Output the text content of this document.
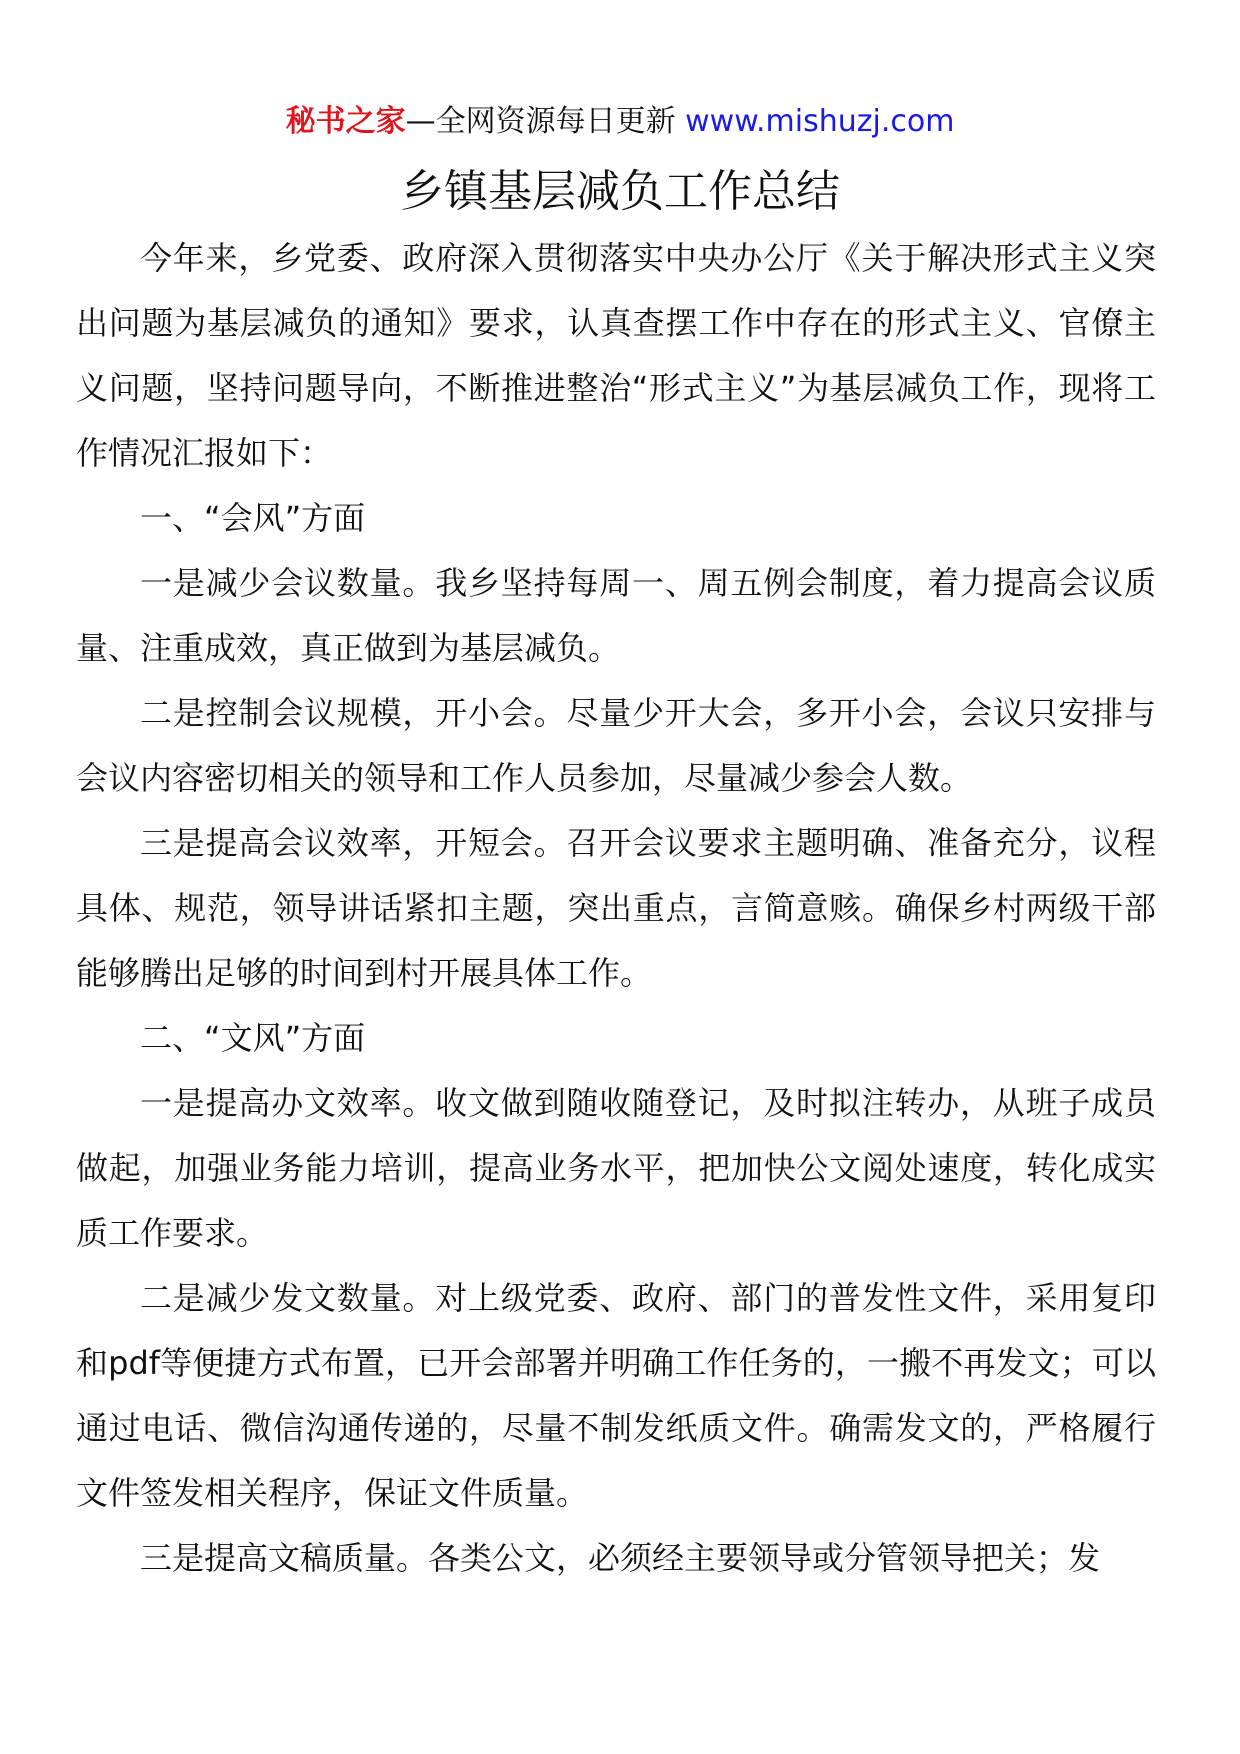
秘书之家—全网资源每日更新 www.mishuzj.com
乡镇基层减负工作总结

今年来，乡党委、政府深入贯彻落实中央办公厅《关于解决形式主义突出问题为基层减负的通知》要求，认真查摆工作中存在的形式主义、官僚主义问题，坚持问题导向，不断推进整治“形式主义”为基层减负工作，现将工作情况汇报如下：

一、“会风”方面

一是减少会议数量。我乡坚持每周一、周五例会制度，着力提高会议质量、注重成效，真正做到为基层减负。

二是控制会议规模，开小会。尽量少开大会，多开小会，会议只安排与会议内容密切相关的领导和工作人员参加，尽量减少参会人数。

三是提高会议效率，开短会。召开会议要求主题明确、准备充分，议程具体、规范，领导讲话紧扣主题，突出重点，言简意赅。确保乡村两级干部能够腾出足够的时间到村开展具体工作。

二、“文风”方面

一是提高办文效率。收文做到随收随登记，及时拟注转办，从班子成员做起，加强业务能力培训，提高业务水平，把加快公文阅处速度，转化成实质工作要求。

二是减少发文数量。对上级党委、政府、部门的普发性文件，采用复印和pdf等便捷方式布置，已开会部署并明确工作任务的，一搬不再发文；可以通过电话、微信沟通传递的，尽量不制发纸质文件。确需发文的，严格履行文件签发相关程序，保证文件质量。

三是提高文稿质量。各类公文，必须经主要领导或分管领导把关；发
